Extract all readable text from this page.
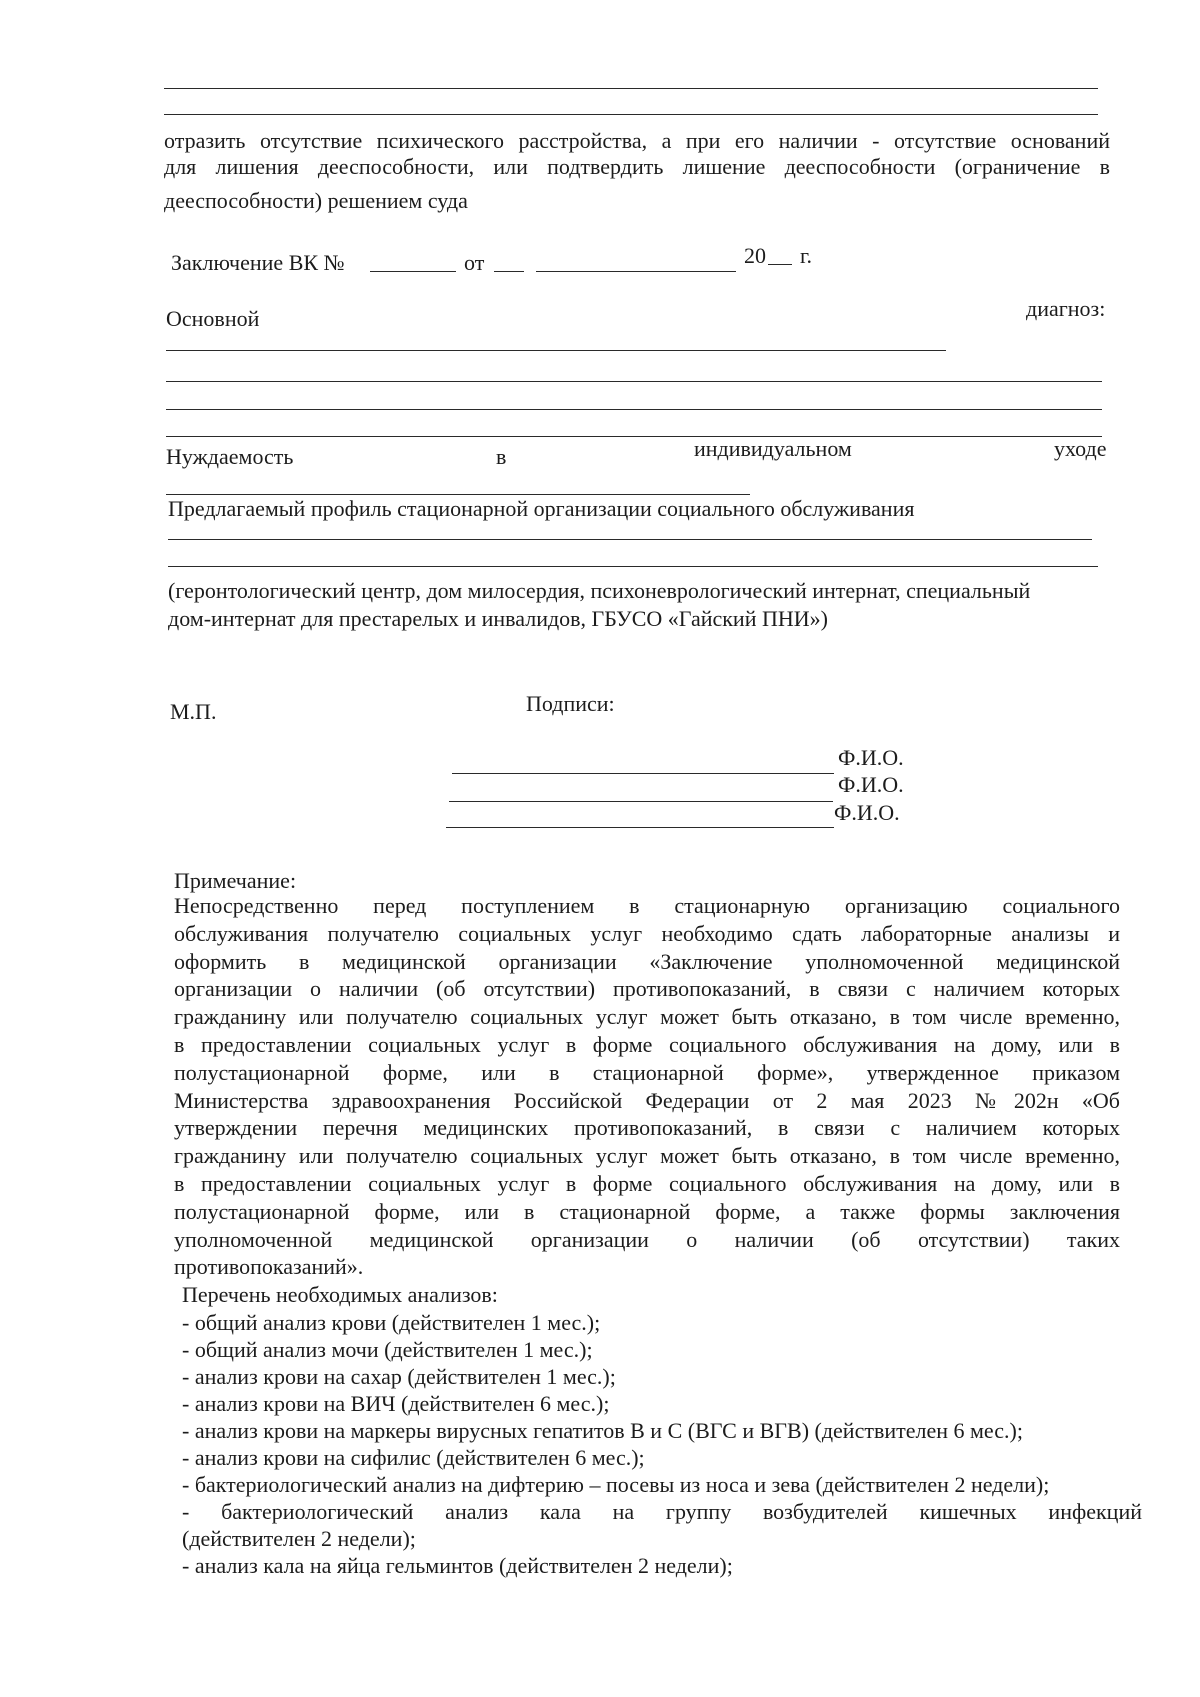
отразить отсутствие психического расстройства, а при его наличии - отсутствие оснований
для лишения дееспособности, или подтвердить лишение дееспособности (ограничение в
дееспособности) решением суда
Заключение ВК №	от	20 г.
Основной	диагноз:
Нуждаемость	в	индивидуальном	уходе
Предлагаемый профиль стационарной организации социального обслуживания
(геронтологический центр, дом милосердия, психоневрологический интернат, специальный
дом-интернат для престарелых и инвалидов, ГБУСО «Гайский ПНИ»)
М.П.	Подписи:
Ф.И.О.
Ф.И.О.
Ф.И.О.
Примечание:
Непосредственно перед поступлением в стационарную организацию социального
обслуживания получателю социальных услуг необходимо сдать лабораторные анализы и
оформить в медицинской организации «Заключение уполномоченной медицинской
организации о наличии (об отсутствии) противопоказаний, в связи с наличием которых
гражданину или получателю социальных услуг может быть отказано, в том числе временно,
в предоставлении социальных услуг в форме социального обслуживания на дому, или в
полустационарной форме, или в стационарной форме», утвержденное приказом
Министерства здравоохранения Российской Федерации от 2 мая 2023 №202н «Об
утверждении перечня медицинских противопоказаний, в связи с наличием которых
гражданину или получателю социальных услуг может быть отказано, в том числе временно,
в предоставлении социальных услуг в форме социального обслуживания на дому, или в
полустационарной форме, или в стационарной форме, а также формы заключения
уполномоченной медицинской организации о наличии (об отсутствии) таких
противопоказаний».
Перечень необходимых анализов:
- общий анализ крови (действителен 1 мес.);
- общий анализ мочи (действителен 1 мес.);
- анализ крови на сахар (действителен 1 мес.);
- анализ крови на ВИЧ (действителен 6 мес.);
- анализ крови на маркеры вирусных гепатитов В и С (ВГС и ВГВ) (действителен 6 мес.);
- анализ крови на сифилис (действителен 6 мес.);
- бактериологический анализ на дифтерию – посевы из носа и зева (действителен 2 недели);
- бактериологический анализ кала на группу возбудителей кишечных инфекций
(действителен 2 недели);
- анализ кала на яйца гельминтов (действителен 2 недели);
